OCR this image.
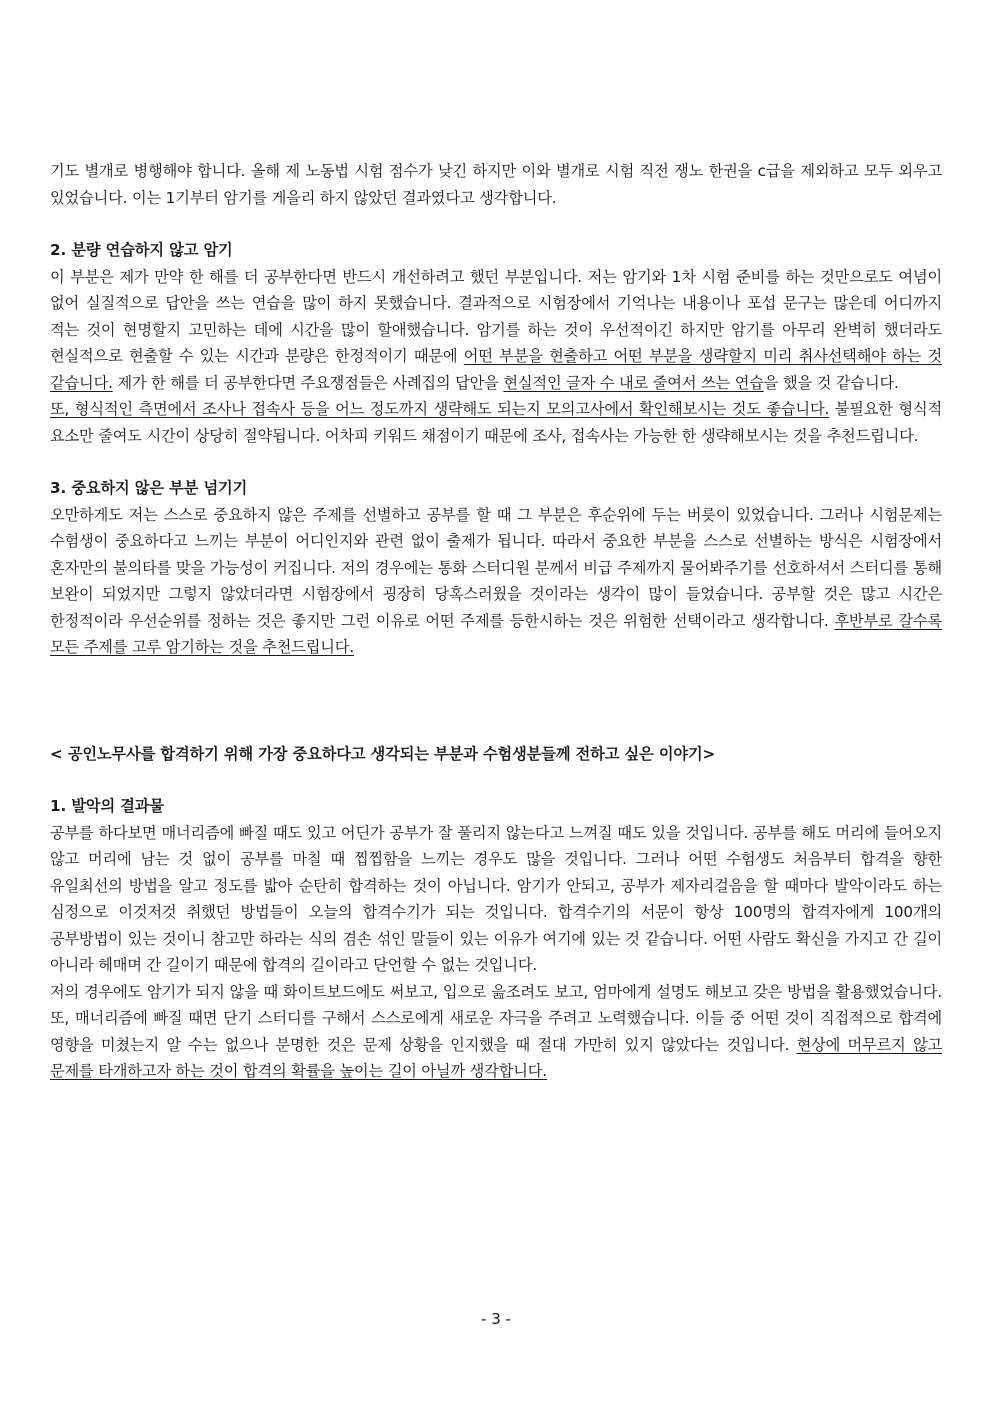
기도 별개로 병행해야 합니다. 올해 제 노동법 시험 점수가 낮긴 하지만 이와 별개로 시험 직전 쟁노 한권을 c급을 제외하고 모두 외우고 있었습니다. 이는 1기부터 암기를 게을리 하지 않았던 결과였다고 생각합니다.

2. 분량 연습하지 않고 암기

이 부분은 제가 만약 한 해를 더 공부한다면 반드시 개선하려고 했던 부분입니다. 저는 암기와 1차 시험 준비를 하는 것만으로도 여념이 없어 실질적으로 답안을 쓰는 연습을 많이 하지 못했습니다. 결과적으로 시험장에서 기억나는 내용이나 포섭 문구는 많은데 어디까지 적는 것이 현명할지 고민하는 데에 시간을 많이 할애했습니다. 암기를 하는 것이 우선적이긴 하지만 암기를 아무리 완벽히 했더라도 현실적으로 현출할 수 있는 시간과 분량은 한정적이기 때문에 어떤 부분을 현출하고 어떤 부분을 생략할지 미리 취사선택해야 하는 것 같습니다. 제가 한 해를 더 공부한다면 주요쟁점들은 사례집의 답안을 현실적인 글자 수 내로 줄여서 쓰는 연습을 했을 것 같습니다.

또, 형식적인 측면에서 조사나 접속사 등을 어느 정도까지 생략해도 되는지 모의고사에서 확인해보시는 것도 좋습니다. 불필요한 형식적 요소만 줄여도 시간이 상당히 절약됩니다. 어차피 키워드 채점이기 때문에 조사, 접속사는 가능한 한 생략해보시는 것을 추천드립니다.

3. 중요하지 않은 부분 넘기기

오만하게도 저는 스스로 중요하지 않은 주제를 선별하고 공부를 할 때 그 부분은 후순위에 두는 버릇이 있었습니다. 그러나 시험문제는 수험생이 중요하다고 느끼는 부분이 어디인지와 관련 없이 출제가 됩니다. 따라서 중요한 부분을 스스로 선별하는 방식은 시험장에서 혼자만의 불의타를 맞을 가능성이 커집니다. 저의 경우에는 통화 스터디원 분께서 비급 주제까지 물어봐주기를 선호하셔서 스터디를 통해 보완이 되었지만 그렇지 않았더라면 시험장에서 굉장히 당혹스러웠을 것이라는 생각이 많이 들었습니다. 공부할 것은 많고 시간은 한정적이라 우선순위를 정하는 것은 좋지만 그런 이유로 어떤 주제를 등한시하는 것은 위험한 선택이라고 생각합니다. 후반부로 갈수록 모든 주제를 고루 암기하는 것을 추천드립니다.

< 공인노무사를 합격하기 위해 가장 중요하다고 생각되는 부분과 수험생분들께 전하고 싶은 이야기>

1. 발악의 결과물

공부를 하다보면 매너리즘에 빠질 때도 있고 어딘가 공부가 잘 풀리지 않는다고 느껴질 때도 있을 것입니다. 공부를 해도 머리에 들어오지 않고 머리에 남는 것 없이 공부를 마칠 때 찝찝함을 느끼는 경우도 많을 것입니다. 그러나 어떤 수험생도 처음부터 합격을 향한 유일최선의 방법을 알고 정도를 밟아 순탄히 합격하는 것이 아닙니다. 암기가 안되고, 공부가 제자리걸음을 할 때마다 발악이라도 하는 심정으로 이것저것 취했던 방법들이 오늘의 합격수기가 되는 것입니다. 합격수기의 서문이 항상 100명의 합격자에게 100개의 공부방법이 있는 것이니 참고만 하라는 식의 겸손 섞인 말들이 있는 이유가 여기에 있는 것 같습니다. 어떤 사람도 확신을 가지고 간 길이 아니라 헤매며 간 길이기 때문에 합격의 길이라고 단언할 수 없는 것입니다.

저의 경우에도 암기가 되지 않을 때 화이트보드에도 써보고, 입으로 읊조려도 보고, 엄마에게 설명도 해보고 갖은 방법을 활용했었습니다. 또, 매너리즘에 빠질 때면 단기 스터디를 구해서 스스로에게 새로운 자극을 주려고 노력했습니다. 이들 중 어떤 것이 직접적으로 합격에 영향을 미쳤는지 알 수는 없으나 분명한 것은 문제 상황을 인지했을 때 절대 가만히 있지 않았다는 것입니다. 현상에 머무르지 않고 문제를 타개하고자 하는 것이 합격의 확률을 높이는 길이 아닐까 생각합니다.

- 3 -
